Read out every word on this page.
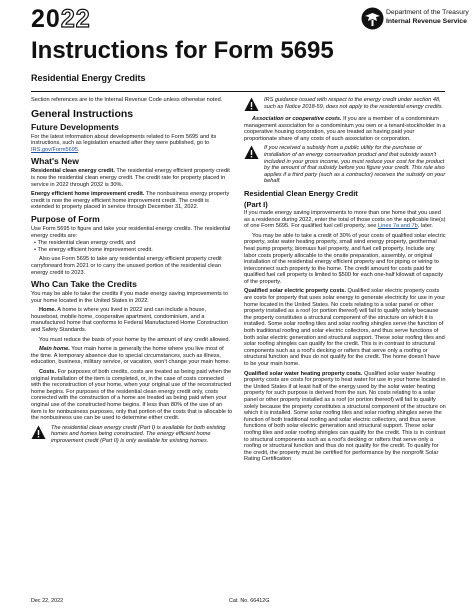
2022
Instructions for Form 5695
Residential Energy Credits
Department of the Treasury
Internal Revenue Service

Section references are to the Internal Revenue Code unless otherwise noted.

General Instructions
Future Developments

For the latest information about developments related to Form 5695 and its instructions, such as legislation enacted after they were published, go to IRS.gov/Form5695.

What's New

Residential clean energy credit. The residential energy efficient property credit is now the residential clean energy credit. The credit rate for property placed in service in 2022 through 2032 is 30%.

Energy efficient home improvement credit. The nonbusiness energy property credit is now the energy efficient home improvement credit. The credit is extended to property placed in service through December 31, 2022.

Purpose of Form

Use Form 5695 to figure and take your residential energy credits. The residential energy credits are:

• The residential clean energy credit, and
• The energy efficient home improvement credit.

Also use Form 5695 to take any residential energy efficient property credit carryforward from 2021 or to carry the unused portion of the residential clean energy credit to 2023.

Who Can Take the Credits

You may be able to take the credits if you made energy saving improvements to your home located in the United States in 2022.

Home. A home is where you lived in 2022 and can include a house, houseboat, mobile home, cooperative apartment, condominium, and a manufactured home that conforms to Federal Manufactured Home Construction and Safety Standards.

You must reduce the basis of your home by the amount of any credit allowed.

Main home. Your main home is generally the home where you live most of the time. A temporary absence due to special circumstances, such as illness, education, business, military service, or vacation, won't change your main home.

Costs. For purposes of both credits, costs are treated as being paid when the original installation of the item is completed, or, in the case of costs connected with the reconstruction of your home, when your original use of the reconstructed home begins. For purposes of the residential clean energy credit only, costs connected with the construction of a home are treated as being paid when your original use of the constructed home begins. If less than 80% of the use of an item is for nonbusiness purposes, only that portion of the costs that is allocable to the nonbusiness use can be used to determine either credit.

The residential clean energy credit (Part I) is available for both existing homes and homes being constructed. The energy efficient home improvement credit (Part II) is only available for existing homes.
IRS guidance issued with respect to the energy credit under section 48, such as Notice 2018-59, does not apply to the residential energy credits.

Association or cooperative costs. If you are a member of a condominium management association for a condominium you own or a tenant-stockholder in a cooperative housing corporation, you are treated as having paid your proportionate share of any costs of such association or corporation.

If you received a subsidy from a public utility for the purchase or installation of an energy conservation product and that subsidy wasn't included in your gross income, you must reduce your cost for the product by the amount of that subsidy before you figure your credit. This rule also applies if a third party (such as a contractor) receives the subsidy on your behalf.
Residential Clean Energy Credit
(Part I)

If you made energy saving improvements to more than one home that you used as a residence during 2022, enter the total of those costs on the applicable line(s) of one Form 5695. For qualified fuel cell property, see Lines 7a and 7b, later.

You may be able to take a credit of 30% of your costs of qualified solar electric property, solar water heating property, small wind energy property, geothermal heat pump property, biomass fuel property, and fuel cell property. Include any labor costs properly allocable to the onsite preparation, assembly, or original installation of the residential energy efficient property and for piping or wiring to interconnect such property to the home. The credit amount for costs paid for qualified fuel cell property is limited to $500 for each one-half kilowatt of capacity of the property.

Qualified solar electric property costs. Qualified solar electric property costs are costs for property that uses solar energy to generate electricity for use in your home located in the United States. No costs relating to a solar panel or other property installed as a roof (or portion thereof) will fail to qualify solely because the property constitutes a structural component of the structure on which it is installed. Some solar roofing tiles and solar roofing shingles serve the function of both traditional roofing and solar electric collectors, and thus serve functions of both solar electric generation and structural support. These solar roofing tiles and solar roofing shingles can qualify for the credit. This is in contrast to structural components such as a roof's decking or rafters that serve only a roofing or structural function and thus do not qualify for the credit. The home doesn't have to be your main home.

Qualified solar water heating property costs. Qualified solar water heating property costs are costs for property to heat water for use in your home located in the United States if at least half of the energy used by the solar water heating property for such purpose is derived from the sun. No costs relating to a solar panel or other property installed as a roof (or portion thereof) will fail to qualify solely because the property constitutes a structural component of the structure on which it is installed. Some solar roofing tiles and solar roofing shingles serve the function of both traditional roofing and solar electric collectors, and thus serve functions of both solar electric generation and structural support. These solar roofing tiles and solar roofing shingles can qualify for the credit. This is in contrast to structural components such as a roof's decking or rafters that serve only a roofing or structural function and thus do not qualify for the credit. To qualify for the credit, the property must be certified for performance by the nonprofit Solar Rating Certification

Dec 22, 2022	Cat. No. 66412G
